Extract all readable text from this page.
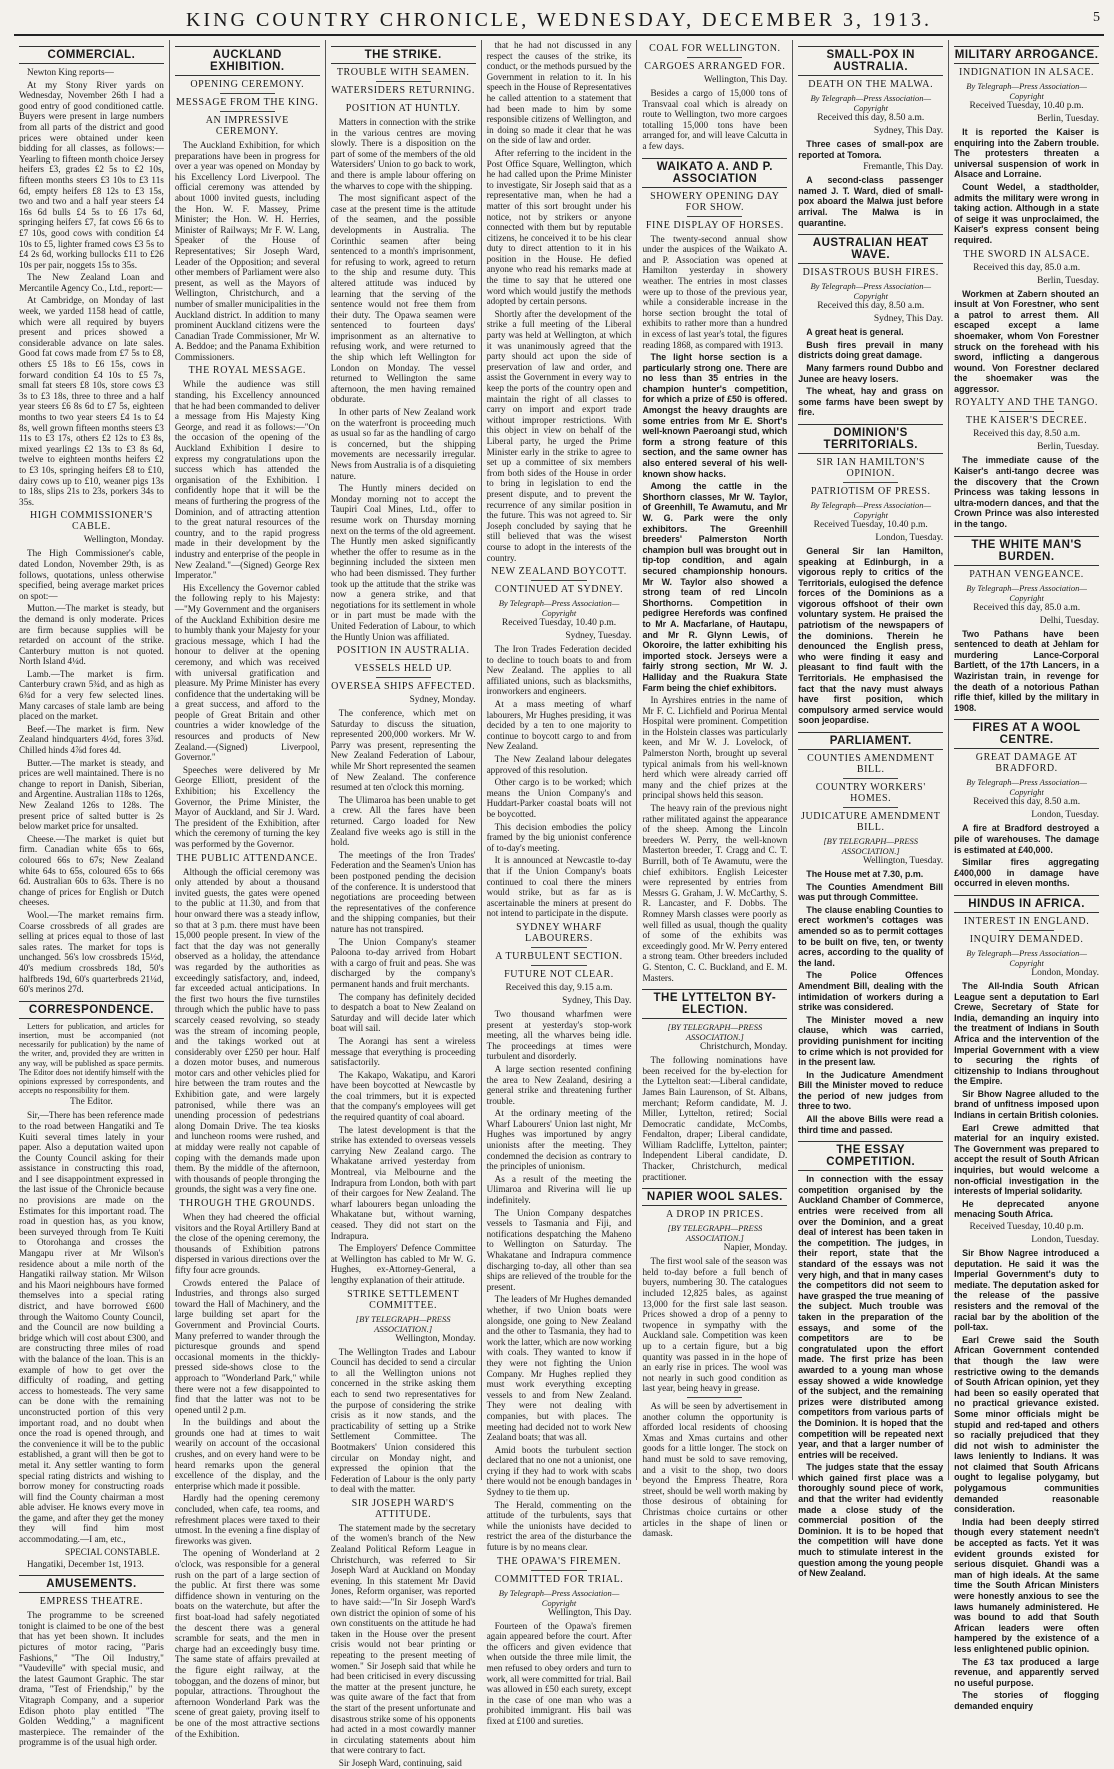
KING COUNTRY CHRONICLE, WEDNESDAY, DECEMBER 3, 1913.	5
COMMERCIAL.

Newton King reports—

At my Stony River yards on Wednesday, November 26th I had a good entry of good conditioned cattle. Buyers were present in large numbers from all parts of the district and good prices were obtained under keen bidding for all classes, as follows:—Yearling to fifteen month choice Jersey heifers £3, grades £2 5s to £2 10s, fifteen months steers £3 10s to £3 11s 6d, empty heifers £8 12s to £3 15s, two and two and a half year steers £4 16s 6d bulls £4 5s to £6 17s 6d, springing heifers £7, fat cows £6 6s to £7 10s, good cows with condition £4 10s to £5, lighter framed cows £3 5s to £4 2s 6d, working bullocks £11 to £26 10s per pair, noggets 15s to 35s.

The New Zealand Loan and Mercantile Agency Co., Ltd., report:—

At Cambridge, on Monday of last week, we yarded 1158 head of cattle, which were all required by buyers present and prices showed a considerable advance on late sales. Good fat cows made from £7 5s to £8, others £5 18s to £6 15s, cows in forward condition £4 10s to £5 7s, small fat steers £8 10s, store cows £3 3s to £3 18s, three to three and a half year steers £6 8s 6d to £7 5s, eighteen months to two year steers £4 1s to £4 8s, well grown fifteen months steers £3 11s to £3 17s, others £2 12s to £3 8s, mixed yearlings £2 13s to £3 8s 6d, twelve to eighteen months heifers £2 to £3 10s, springing heifers £8 to £10, dairy cows up to £10, weaner pigs 13s to 18s, slips 21s to 23s, porkers 34s to 35s.

HIGH COMMISSIONER'S CABLE.
Wellington, Monday.

The High Commissioner's cable, dated London, November 29th, is as follows, quotations, unless otherwise specified, being average market prices on spot:—

Mutton.—The market is steady, but the demand is only moderate. Prices are firm because supplies will be retarded on account of the strike. Canterbury mutton is not quoted. North Island 4¼d.

Lamb.—The market is firm. Canterbury crawn 5¾d, and as high as 6¾d for a very few selected lines. Many carcases of stale lamb are being placed on the market.

Beef.—The market is firm. New Zealand hindquarters 4½d, fores 3⅞d. Chilled hinds 4⅞d fores 4d.

Butter.—The market is steady, and prices are well maintained. There is no change to report in Danish, Siberian, and Argentine. Australian 118s to 126s, New Zealand 126s to 128s. The present price of salted butter is 2s below market price for unsalted.

Cheese.—The market is quiet but firm. Canadian white 65s to 66s, coloured 66s to 67s; New Zealand white 64s to 65s, coloured 65s to 66s 6d. Australian 60s to 63s. There is no change of prices for English or Dutch cheeses.

Wool.—The market remains firm. Coarse crossbreds of all grades are selling at prices equal to those of last sales rates. The market for tops is unchanged. 56's low crossbreds 15½d, 40's medium crossbreds 18d, 50's halfbreds 19d, 60's quarterbreds 21¼d, 60's merinos 27d.

CORRESPONDENCE.

Letters for publication, and articles for insertion, must be accompanied (not necessarily for publication) by the name of the writer, and, provided they are written in any way, will be published as space permits. The Editor does not identify himself with the opinions expressed by correspondents, and accepts no responsibility for them.

The Editor.

Sir,—There has been reference made to the road between Hangatiki and Te Kuiti several times lately in your paper. Also a deputation waited upon the County Council asking for their assistance in constructing this road, and I see disappointment expressed in the last issue of the Chronicle because no provisions are made on the Estimates for this important road. The road in question has, as you know, been surveyed through from Te Kuiti to Otorohanga and crosses the Mangapu river at Mr Wilson's residence about a mile north of the Hangatiki railway station. Mr Wilson and his Maori neighbours have formed themselves into a special rating district, and have borrowed £600 through the Waitomo County Council, and the Council are now building a bridge which will cost about £300, and are constructing three miles of road with the balance of the loan. This is an example of how to get over the difficulty of roading, and getting access to homesteads. The very same can be done with the remaining unconstructed portion of this very important road, and no doubt when once the road is opened through, and the convenience it will be to the public established, a grant will then be got to metal it. Any settler wanting to form special rating districts and wishing to borrow money for constructing roads will find the County chairman a most able adviser. He knows every move in the game, and after they get the money they will find him most accommodating.—I am, etc.,

SPECIAL CONSTABLE.

Hangatiki, December 1st, 1913.

AMUSEMENTS.
EMPRESS THEATRE.

The programme to be screened tonight is claimed to be one of the best that has yet been shown. It includes pictures of motor racing, "Paris Fashions," "The Oil Industry," "Vaudeville" with special music, and the latest Gaumont Graphic. The star drama, "Test of Friendship," by the Vitagraph Company, and a superior Edison photo play entitled "The Golden Wedding," a magnificent masterpiece. The remainder of the programme is of the usual high order.

AUCKLAND EXHIBITION.
OPENING CEREMONY.
MESSAGE FROM THE KING.
AN IMPRESSIVE CEREMONY.

The Auckland Exhibition, for which preparations have been in progress for over a year was opened on Monday by his Excellency Lord Liverpool. The official ceremony was attended by about 1000 invited guests, including the Hon. W. F. Massey, Prime Minister; the Hon. W. H. Herries, Minister of Railways; Mr F. W. Lang, Speaker of the House of Representatives; Sir Joseph Ward, Leader of the Opposition; and several other members of Parliament were also present, as well as the Mayors of Wellington, Christchurch, and a number of smaller municipalities in the Auckland district. In addition to many prominent Auckland citizens were the Canadian Trade Commissioner, Mr W. A. Beddoe; and the Panama Exhibition Commissioners.

THE ROYAL MESSAGE.

While the audience was still standing, his Excellency announced that he had been commanded to deliver a message from His Majesty King George, and read it as follows:—"On the occasion of the opening of the Auckland Exhibition I desire to express my congratulations upon the success which has attended the organisation of the Exhibition. I confidently hope that it will be the means of furthering the progress of the Dominion, and of attracting attention to the great natural resources of the country, and to the rapid progress made in their development by the industry and enterprise of the people in New Zealand."—(Signed) George Rex Imperator."

His Excellency the Governor cabled the following reply to his Majesty:—"My Government and the organisers of the Auckland Exhibition desire me to humbly thank your Majesty for your gracious message, which I had the honour to deliver at the opening ceremony, and which was received with universal gratification and pleasure. My Prime Minister has every confidence that the undertaking will be a great success, and afford to the people of Great Britain and other countries a wider knowledge of the resources and products of New Zealand.—(Signed) Liverpool, Governor."

Speeches were delivered by Mr George Elliott, president of the Exhibition; his Excellency the Governor, the Prime Minister, the Mayor of Auckland, and Sir J. Ward. The president of the Exhibition, after which the ceremony of turning the key was performed by the Governor.

THE PUBLIC ATTENDANCE.

Although the official ceremony was only attended by about a thousand invited guests, the gates were opened to the public at 11.30, and from that hour onward there was a steady inflow, so that at 3 p.m. there must have been 15,000 people present. In view of the fact that the day was not generally observed as a holiday, the attendance was regarded by the authorities as exceedingly satisfactory, and, indeed, far exceeded actual anticipations. In the first two hours the five turnstiles through which the public have to pass scarcely ceased revolving, so steady was the stream of incoming people, and the takings worked out at considerably over £250 per hour. Half a dozen motor buses, and numerous motor cars and other vehicles plied for hire between the tram routes and the Exhibition gate, and were largely patronised, while there was an unending procession of pedestrians along Domain Drive. The tea kiosks and luncheon rooms were rushed, and at midday were really not capable of coping with the demands made upon them. By the middle of the afternoon, with thousands of people thronging the grounds, the sight was a very fine one.

THROUGH THE GROUNDS.

When they had cheered the official visitors and the Royal Artillery Band at the close of the opening ceremony, the thousands of Exhibition patrons dispersed in various directions over the fifty four acre grounds.

Crowds entered the Palace of Industries, and throngs also surged toward the Hall of Machinery, and the large building set apart for the Government and Provincial Courts. Many preferred to wander through the picturesque grounds and spend occasional moments in the thickly-pressed side-shows close to the approach to "Wonderland Park," while there were not a few disappointed to find that the latter was not to be opened until 2 p.m.

In the buildings and about the grounds one had at times to wait wearily on account of the occasional crushes, and on every hand were to be heard remarks upon the general excellence of the display, and the enterprise which made it possible.

Hardly had the opening ceremony concluded, when cafe, tea rooms, and refreshment places were taxed to their utmost. In the evening a fine display of fireworks was given.

The opening of Wonderland at 2 o'clock, was responsible for a general rush on the part of a large section of the public. At first there was some diffidence shown in venturing on the boats on the waterchute, but after the first boat-load had safely negotiated the descent there was a general scramble for seats, and the men in charge had an exceedingly busy time. The same state of affairs prevailed at the figure eight railway, at the toboggan, and the dozens of minor, but popular, attractions. Throughout the afternoon Wonderland Park was the scene of great gaiety, proving itself to be one of the most attractive sections of the Exhibition.

THE STRIKE.
TROUBLE WITH SEAMEN.
WATERSIDERS RETURNING.
POSITION AT HUNTLY.

Matters in connection with the strike in the various centres are moving slowly. There is a disposition on the part of some of the members of the old Watersiders' Union to go back to work, and there is ample labour offering on the wharves to cope with the shipping.

The most significant aspect of the case at the present time is the attitude of the seamen, and the possible developments in Australia. The Corinthic seamen after being sentenced to a month's imprisonment, for refusing to work, agreed to return to the ship and resume duty. This altered attitude was induced by learning that the serving of the sentence would not free them from their duty. The Opawa seamen were sentenced to fourteen days' imprisonment as an alternative to refusing work, and were returned to the ship which left Wellington for London on Monday. The vessel returned to Wellington the same afternoon, the men having remained obdurate.

In other parts of New Zealand work on the waterfront is proceeding much as usual so far as the handling of cargo is concerned, but the shipping movements are necessarily irregular. News from Australia is of a disquieting nature.

The Huntly miners decided on Monday morning not to accept the Taupiri Coal Mines, Ltd., offer to resume work on Thursday morning next on the terms of the old agreement. The Huntly men asked significantly whether the offer to resume as in the beginning included the sixteen men who had been dismissed. They further took up the attitude that the strike was now a genera strike, and that negotiations for its settlement in whole or in part must be made with the United Federation of Labour, to which the Huntly Union was affiliated.

POSITION IN AUSTRALIA.
VESSELS HELD UP.
OVERSEA SHIPS AFFECTED.
Sydney, Monday.

The conference, which met on Saturday to discuss the situation, represented 200,000 workers. Mr W. Parry was present, representing the New Zealand Federation of Labour, while Mr Short represented the seamen of New Zealand. The conference resumed at ten o'clock this morning.

The Ulimaroa has been unable to get a crew. All the fares have been returned. Cargo loaded for New Zealand five weeks ago is still in the hold.

The meetings of the Iron Trades' Federation and the Seamen's Union has been postponed pending the decision of the conference. It is understood that negotiations are proceeding between the representatives of the conference and the shipping companies, but their nature has not transpired.

The Union Company's steamer Paloona to-day arrived from Hobart with a cargo of fruit and peas. She was discharged by the company's permanent hands and fruit merchants.

The company has definitely decided to despatch a boat to New Zealand on Saturday and will decide later which boat will sail.

The Aorangi has sent a wireless message that everything is proceeding satisfactorily.

The Kakapo, Wakatipu, and Karori have been boycotted at Newcastle by the coal trimmers, but it is expected that the company's employees will get the required quantity of coal aboard.

The latest development is that the strike has extended to overseas vessels carrying New Zealand cargo. The Whakatane arrived yesterday from Montreal, via Melbourne and the Indrapura from London, both with part of their cargoes for New Zealand. The wharf labourers began unloading the Whakatane but, without warning, ceased. They did not start on the Indrapura.

The Employers' Defence Committee at Wellington has cabled to Mr W. G. Hughes, ex-Attorney-General, a lengthy explanation of their attitude.

STRIKE SETTLEMENT COMMITTEE.
[BY TELEGRAPH—PRESS ASSOCIATION.]
Wellington, Monday.

The Wellington Trades and Labour Council has decided to send a circular to all the Wellington unions not concerned in the strike asking them each to send two representatives for the purpose of considering the strike crisis as it now stands, and the practicability of setting up a Strike Settlement Committee. The Bootmakers' Union considered this circular on Monday night, and expressed the opinion that the Federation of Labour is the only party to deal with the matter.

SIR JOSEPH WARD'S ATTITUDE.

The statement made by the secretary of the women's branch of the New Zealand Political Reform League in Christchurch, was referred to Sir Joseph Ward at Auckland on Monday evening. In this statement Mr David Jones, Reform organiser, was reported to have said:—"In Sir Joseph Ward's own district the opinion of some of his own constituents on the attitude he had taken in the House over the present crisis would not bear printing or repeating to the present meeting of women." Sir Joseph said that while he had been criticised in every discussing the matter at the present juncture, he was quite aware of the fact that from the start of the present unfortunate and disastrous strike some of his opponents had acted in a most cowardly manner in circulating statements about him that were contrary to fact.

Sir Joseph Ward, continuing, said

that he had not discussed in any respect the causes of the strike, its conduct, or the methods pursued by the Government in relation to it. In his speech in the House of Representatives he called attention to a statement that had been made to him by some responsible citizens of Wellington, and in doing so made it clear that he was on the side of law and order.

After referring to the incident in the Post Office Square, Wellington, which he had called upon the Prime Minister to investigate, Sir Joseph said that as a representative man, when he had a matter of this sort brought under his notice, not by strikers or anyone connected with them but by reputable citizens, he conceived it to be his clear duty to direct attention to it in his position in the House. He defied anyone who read his remarks made at the time to say that he uttered one word which would justify the methods adopted by certain persons.

Shortly after the development of the strike a full meeting of the Liberal party was held at Wellington, at which it was unanimously agreed that the party should act upon the side of preservation of law and order, and assist the Government in every way to keep the ports of the country open and maintain the right of all classes to carry on import and export trade without improper restrictions. With this object in view on behalf of the Liberal party, he urged the Prime Minister early in the strike to agree to set up a committee of six members from both sides of the House in order to bring in legislation to end the present dispute, and to prevent the recurrence of any similar position in the future. This was not agreed to. Sir Joseph concluded by saying that he still believed that was the wisest course to adopt in the interests of the country.

NEW ZEALAND BOYCOTT.
CONTINUED AT SYDNEY.
By Telegraph—Press Association—Copyright
Received Tuesday, 10.40 p.m.
Sydney, Tuesday.

The Iron Trades Federation decided to decline to touch boats to and from New Zealand. The applies to all affiliated unions, such as blacksmiths, ironworkers and engineers.

At a mass meeting of wharf labourers, Mr Hughes presiding, it was decided by a ten to one majority to continue to boycott cargo to and from New Zealand.

The New Zealand labour delegates approved of this resolution.

Other cargo is to be worked; which means the Union Company's and Huddart-Parker coastal boats will not be boycotted.

This decision embodies the policy framed by the big unionist conference of to-day's meeting.

It is announced at Newcastle to-day that if the Union Company's boats continued to coal there the miners would strike, but as far as is ascertainable the miners at present do not intend to participate in the dispute.

SYDNEY WHARF LABOURERS.
A TURBULENT SECTION.
FUTURE NOT CLEAR.
Received this day, 9.15 a.m.
Sydney, This Day.

Two thousand wharfmen were present at yesterday's stop-work meeting, all the wharves being idle. The proceedings at times were turbulent and disorderly.

A large section resented confining the area to New Zealand, desiring a general strike and threatening further trouble.

At the ordinary meeting of the Wharf Labourers' Union last night, Mr Hughes was importuned by angry unionists after the meeting. They condemned the decision as contrary to the principles of unionism.

As a result of the meeting the Ulimaroa and Riverina will lie up indefinitely.

The Union Company despatches vessels to Tasmania and Fiji, and notifications despatching the Maheno to Wellington on Saturday. The Whakatane and Indrapura commence discharging to-day, all other than sea ships are relieved of the trouble for the present.

The leaders of Mr Hughes demanded whether, if two Union boats were alongside, one going to New Zealand and the other to Tasmania, they had to work the latter, which are now working with coals. They wanted to know if they were not fighting the Union Company. Mr Hughes replied they must work everything excepting vessels to and from New Zealand. They were not dealing with companies, but with places. The meeting had decided not to work New Zealand boats; that was all.

Amid boots the turbulent section declared that no one not a unionist, one crying if they had to work with scabs there would not be enough bandages in Sydney to tie them up.

The Herald, commenting on the attitude of the turbulents, says that while the unionists have decided to restrict the area of the disturbance the future is by no means clear.

THE OPAWA'S FIREMEN.
COMMITTED FOR TRIAL.
By Telegraph—Press Association—Copyright
Wellington, This Day.

Fourteen of the Opawa's firemen again appeared before the court. After the officers and given evidence that when outside the three mile limit, the men refused to obey orders and turn to work, all were committed for trial. Bail was allowed in £50 each surety, except in the case of one man who was a prohibited immigrant. His bail was fixed at £100 and sureties.

COAL FOR WELLINGTON.
CARGOES ARRANGED FOR.
Wellington, This Day.

Besides a cargo of 15,000 tons of Transvaal coal which is already on route to Wellington, two more cargoes totalling 15,000 tons have been arranged for, and will leave Calcutta in a few days.

WAIKATO A. AND P. ASSOCIATION
SHOWERY OPENING DAY FOR SHOW.
FINE DISPLAY OF HORSES.

The twenty-second annual show under the auspices of the Waikato A. and P. Association was opened at Hamilton yesterday in showery weather. The entries in most classes were up to those of the previous year, while a considerable increase in the horse section brought the total of exhibits to rather more than a hundred in excess of last year's total, the figures reading 1868, as compared with 1913.

The light horse section is a particularly strong one. There are no less than 35 entries in the champion hunter's competition, for which a prize of £50 is offered. Amongst the heavy draughts are some entries from Mr E. Short's well-known Paeroangi stud, which form a strong feature of this section, and the same owner has also entered several of his well-known show hacks.

Among the cattle in the Shorthorn classes, Mr W. Taylor, of Greenhill, Te Awamutu, and Mr W. G. Park were the only exhibitors. The Greenhill breeders' Palmerston North champion bull was brought out in tip-top condition, and again secured championship honours. Mr W. Taylor also showed a strong team of red Lincoln Shorthorns. Competition in pedigree Herefords was confined to Mr A. Macfarlane, of Hautapu, and Mr R. Glynn Lewis, of Okoroire, the latter exhibiting his imported stock. Jerseys were a fairly strong section, Mr W. J. Halliday and the Ruakura State Farm being the chief exhibitors.

In Ayrshires entries in the name of Mr F. C. Lichfield and Porirua Mental Hospital were prominent. Competition in the Holstein classes was particularly keen, and Mr W. J. Lovelock, of Palmerston North, brought up several typical animals from his well-known herd which were already carried off many and the chief prizes at the principal shows held this season.

The heavy rain of the previous night rather militated against the appearance of the sheep. Among the Lincoln breeders W. Perry, the well-known Masterton breeder, T. Cragg and C. T. Burrill, both of Te Awamutu, were the chief exhibitors. English Leicester were represented by entries from Messrs G. Graham, J. W. McCarthy, S. R. Lancaster, and F. Dobbs. The Romney Marsh classes were poorly as well filled as usual, though the quality of some of the exhibits was exceedingly good. Mr W. Perry entered a strong team. Other breeders included G. Stenton, C. C. Buckland, and E. M. Masters.

THE LYTTELTON BY-ELECTION.
[BY TELEGRAPH—PRESS ASSOCIATION.]
Christchurch, Monday.

The following nominations have been received for the by-election for the Lyttelton seat:—Liberal candidate, James Bain Laurenson, of St. Albans, merchant; Reform candidate, M. J. Miller, Lyttelton, retired; Social Democratic candidate, McCombs, Fendalton, draper; Liberal candidate, William Radcliffe, Lyttelton, painter; Independent Liberal candidate, D. Thacker, Christchurch, medical practitioner.

NAPIER WOOL SALES.
A DROP IN PRICES.
[BY TELEGRAPH—PRESS ASSOCIATION.]
Napier, Monday.

The first wool sale of the season was held to-day before a full bench of buyers, numbering 30. The catalogues included 12,825 bales, as against 13,000 for the first sale last season. Prices showed a drop of a penny to twopence in sympathy with the Auckland sale. Competition was keen up to a certain figure, but a big quantity was passed in in the hope of an early rise in prices. The wool was not nearly in such good condition as last year, being heavy in grease.

As will be seen by advertisement in another column the opportunity is afforded local residents of choosing Xmas and Xmas curtains and other goods for a little longer. The stock on hand must be sold to save removing, and a visit to the shop, two doors beyond the Empress Theatre, Rora street, should be well worth making by those desirous of obtaining for Christmas choice curtains or other articles in the shape of linen or damask.

SMALL-POX IN AUSTRALIA.
DEATH ON THE MALWA.
By Telegraph—Press Association—Copyright
Received this day, 8.50 a.m.
Sydney, This Day.

Three cases of small-pox are reported at Tomora.

Fremantle, This Day.

A second-class passenger named J. T. Ward, died of small-pox aboard the Malwa just before arrival. The Malwa is in quarantine.

AUSTRALIAN HEAT WAVE.
DISASTROUS BUSH FIRES.
By Telegraph—Press Association—Copyright
Received this day, 8.50 a.m.
Sydney, This Day.

A great heat is general.

Bush fires prevail in many districts doing great damage.

Many farmers round Dubbo and Junee are heavy losers.

The wheat, hay and grass on some farms have been swept by fire.

DOMINION'S TERRITORIALS.
SIR IAN HAMILTON'S OPINION.
PATRIOTISM OF PRESS.
By Telegraph—Press Association—Copyright
Received Tuesday, 10.40 p.m.
London, Tuesday.

General Sir Ian Hamilton, speaking at Edinburgh, in a vigorous reply to critics of the Territorials, eulogised the defence forces of the Dominions as a vigorous offshoot of their own voluntary system. He praised the patriotism of the newspapers of the dominions. Therein he denounced the English press, who were finding it easy and pleasant to find fault with the Territorials. He emphasised the fact that the navy must always have first position, which compulsory armed service would soon jeopardise.

PARLIAMENT.
COUNTIES AMENDMENT BILL.
COUNTRY WORKERS' HOMES.
JUDICATURE AMENDMENT BILL.
[BY TELEGRAPH—PRESS ASSOCIATION.]
Wellington, Tuesday.

The House met at 7.30, p.m.

The Counties Amendment Bill was put through Committee.

The clause enabling Counties to erect workmen's cottages was amended so as to permit cottages to be built on five, ten, or twenty acres, according to the quality of the land.

The Police Offences Amendment Bill, dealing with the intimidation of workers during a strike was considered.

The Minister moved a new clause, which was carried, providing punishment for inciting to crime which is not provided for in the present law.

In the Judicature Amendment Bill the Minister moved to reduce the period of new judges from three to two.

All the above Bills were read a third time and passed.

THE ESSAY COMPETITION.

In connection with the essay competition organised by the Auckland Chamber of Commerce, entries were received from all over the Dominion, and a great deal of interest has been taken in the competition. The judges, in their report, state that the standard of the essays was not very high, and that in many cases the competitors did not seem to have grasped the true meaning of the subject. Much trouble was taken in the preparation of the essays, and some of the competitors are to be congratulated upon the effort made. The first prize has been awarded to a young man whose essay showed a wide knowledge of the subject, and the remaining prizes were distributed among competitors from various parts of the Dominion. It is hoped that the competition will be repeated next year, and that a larger number of entries will be received.

The judges state that the essay which gained first place was a thoroughly sound piece of work, and that the writer had evidently made a close study of the commercial position of the Dominion. It is to be hoped that the competition will have done much to stimulate interest in the question among the young people of New Zealand.

MILITARY ARROGANCE.
INDIGNATION IN ALSACE.
By Telegraph—Press Association—Copyright
Received Tuesday, 10.40 p.m.
Berlin, Tuesday.

It is reported the Kaiser is enquiring into the Zabern trouble. The protesters threaten a universal suspension of work in Alsace and Lorraine.

Count Wedel, a stadtholder, admits the military were wrong in taking action. Although in a state of seige it was unproclaimed, the Kaiser's express consent being required.

THE SWORD IN ALSACE.
Received this day, 85.0 a.m.
Berlin, Tuesday.

Workmen at Zabern shouted an insult at Von Forestner, who sent a patrol to arrest them. All escaped except a lame shoemaker, whom Von Forestner struck on the forehead with his sword, inflicting a dangerous wound. Von Forestner declared the shoemaker was the aggressor.

ROYALTY AND THE TANGO.
THE KAISER'S DECREE.
Received this day, 8.50 a.m.
Berlin, Tuesday.

The immediate cause of the Kaiser's anti-tango decree was the discovery that the Crown Princess was taking lessons in ultra-modern dances, and that the Crown Prince was also interested in the tango.

THE WHITE MAN'S BURDEN.
PATHAN VENGEANCE.
By Telegraph—Press Association—Copyright
Received this day, 85.0 a.m.
Delhi, Tuesday.

Two Pathans have been sentenced to death at Jehlam for murdering Lance-Corporal Bartlett, of the 17th Lancers, in a Waziristan train, in revenge for the death of a notorious Pathan rifle thief, killed by the military in 1908.

FIRES AT A WOOL CENTRE.
GREAT DAMAGE AT BRADFORD.
By Telegraph—Press Association—Copyright
Received this day, 8.50 a.m.
London, Tuesday.

A fire at Bradford destroyed a pile of warehouses. The damage is estimated at £40,000.

Similar fires aggregating £400,000 in damage have occurred in eleven months.

HINDUS IN AFRICA.
INTEREST IN ENGLAND.
INQUIRY DEMANDED.
By Telegraph—Press Association—Copyright
London, Monday.

The All-India South African League sent a deputation to Earl Crewe, Secretary of State for India, demanding an inquiry into the treatment of Indians in South Africa and the intervention of the Imperial Government with a view to securing the rights of citizenship to Indians throughout the Empire.

Sir Bhow Nagree alluded to the brand of unfitness imposed upon Indians in certain British colonies.

Earl Crewe admitted that material for an inquiry existed. The Government was prepared to accept the result of South African inquiries, but would welcome a non-official investigation in the interests of Imperial solidarity.

He deprecated anyone menacing South Africa.

Received Tuesday, 10.40 p.m.
London, Tuesday.

Sir Bhow Nagree introduced a deputation. He said it was the Imperial Government's duty to mediate. The deputation asked for the release of the passive resisters and the removal of the racial bar by the abolition of the poll-tax.

Earl Crewe said the South African Government contended that though the law were restrictive owing to the demands of South African opinion, yet they had been so easily operated that no practical grievance existed. Some minor officials might be stupid and red-taped and others so racially prejudiced that they did not wish to administer the laws leniently to Indians. It was not claimed that South Africans ought to legalise polygamy, but polygamous communities demanded reasonable consideration.

India had been deeply stirred though every statement needn't be accepted as facts. Yet it was evident grounds existed for serious disquiet. Ghandi was a man of high ideals. At the same time the South African Ministers were honestly anxious to see the laws humanely administered. He was bound to add that South African leaders were often hampered by the existence of a less enlightened public opinion.

The £3 tax produced a large revenue, and apparently served no useful purpose.

The stories of flogging demanded enquiry
